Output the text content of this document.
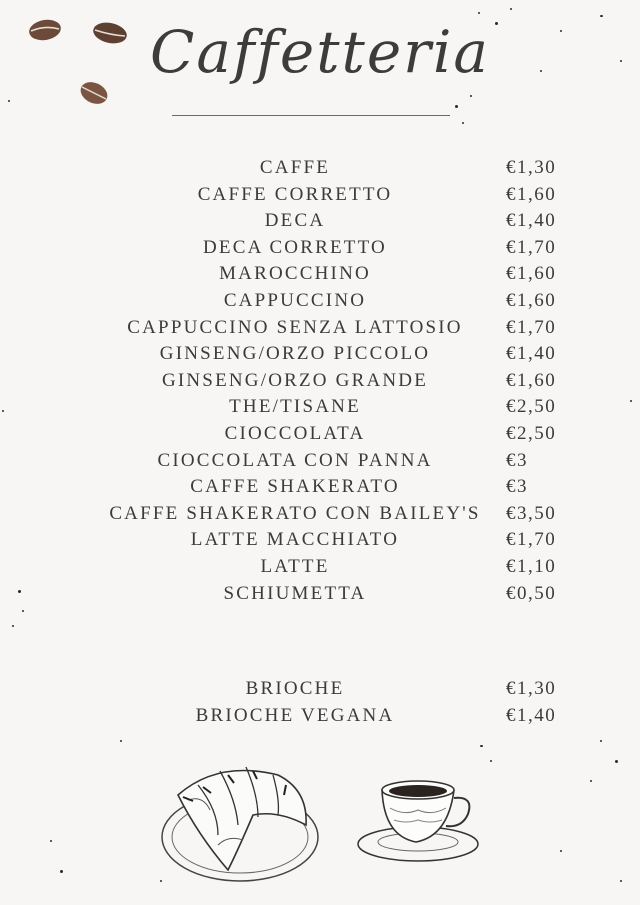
Caffetteria
CAFFE	€1,30
CAFFE CORRETTO	€1,60
DECA	€1,40
DECA CORRETTO	€1,70
MAROCCHINO	€1,60
CAPPUCCINO	€1,60
CAPPUCCINO SENZA LATTOSIO	€1,70
GINSENG/ORZO PICCOLO	€1,40
GINSENG/ORZO GRANDE	€1,60
THE/TISANE	€2,50
CIOCCOLATA	€2,50
CIOCCOLATA CON PANNA	€3
CAFFE SHAKERATO	€3
CAFFE SHAKERATO CON BAILEY'S	€3,50
LATTE MACCHIATO	€1,70
LATTE	€1,10
SCHIUMETTA	€0,50
BRIOCHE	€1,30
BRIOCHE VEGANA	€1,40
